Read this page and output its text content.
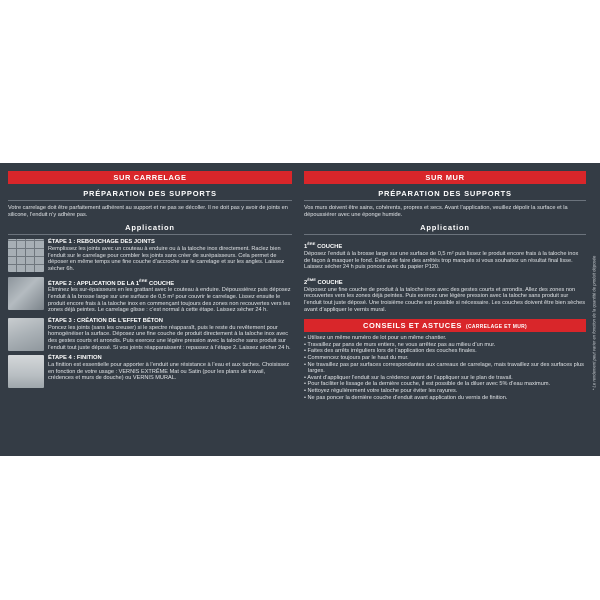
SUR CARRELAGE
PRÉPARATION DES SUPPORTS
Votre carrelage doit être parfaitement adhérent au support et ne pas se décoller. Il ne doit pas y avoir de joints en silicone, l’enduit n’y adhère pas.
Application
ÉTAPE 1 : REBOUCHAGE DES JOINTS
Remplissez les joints avec un couteau à enduire ou à la taloche inox directement. Raclez bien l’enduit sur le carrelage pour combler les joints sans créer de surépaisseurs. Cela permet de déposer en même temps une fine couche d’accroche sur le carrelage et sur les angles. Laissez sécher 6h.
ÉTAPE 2 : APPLICATION DE LA 1ÈRE COUCHE
Éliminez les sur-épaisseurs en les grattant avec le couteau à enduire. Dépoussiérez puis déposez l’enduit à la brosse large sur une surface de 0,5 m² pour couvrir le carrelage. Lissez ensuite le produit encore frais à la taloche inox en commençant toujours des zones non recouvertes vers les zones déjà peintes. Le carrelage glisse : c’est normal à cette étape. Laissez sécher 24 h.
ÉTAPE 3 : CRÉATION DE L’EFFET BÉTON
Poncez les joints (sans les creuser) si le spectre réapparaît, puis le reste du revêtement pour homogénéiser la surface. Déposez une fine couche de produit directement à la taloche inox avec des gestes courts et arrondis. Puis exercez une légère pression avec la taloche sans produit sur l’enduit tout juste déposé. Si vos joints réapparaissent : repassez à l’étape 2. Laissez sécher 24 h.
ÉTAPE 4 : FINITION
La finition est essentielle pour apporter à l’enduit une résistance à l’eau et aux taches. Choisissez en fonction de votre usage : VERNIS EXTRÊME Mat ou Satin (pour les plans de travail, crédences et murs de douche) ou VERNIS MURAL.
SUR MUR
PRÉPARATION DES SUPPORTS
Vos murs doivent être sains, cohérents, propres et secs. Avant l’application, veuillez dépolir la surface et la dépoussiérer avec une éponge humide.
Application
1ÈRE COUCHE
Déposez l’enduit à la brosse large sur une surface de 0,5 m² puis lissez le produit encore frais à la taloche inox de façon à masquer le fond. Évitez de faire des arrêtés trop marqués si vous souhaitez un résultat final lisse. Laissez sécher 24 h puis poncez avec du papier P120.
2ÈME COUCHE
Déposez une fine couche de produit à la taloche inox avec des gestes courts et arrondis. Allez des zones non recouvertes vers les zones déjà peintes. Puis exercez une légère pression avec la taloche sans produit sur l’enduit tout juste déposé. Une troisième couche est possible si nécessaire. Les couches doivent être bien sèches avant d’appliquer le vernis mural.
CONSEILS ET ASTUCES (CARRELAGE ET MUR)
• Utilisez un même numéro de lot pour un même chantier.
• Travaillez par pans de murs entiers, ne vous arrêtez pas au milieu d’un mur.
• Faites des arrêts irréguliers lors de l’application des couches finales.
• Commencez toujours par le haut du mur.
• Ne travaillez pas par surfaces correspondantes aux carreaux de carrelage, mais travaillez sur des surfaces plus larges.
• Avant d’appliquer l’enduit sur la crédence avant de l’appliquer sur le plan de travail.
• Pour faciliter le lissage de la dernière couche, il est possible de la diluer avec 5% d’eau maximum.
• Nettoyez régulièrement votre taloche pour éviter les rayures.
• Ne pas poncer la dernière couche d’enduit avant application du vernis de finition.
* Le rendement peut varier en fonction de la quantité de produit déposée
